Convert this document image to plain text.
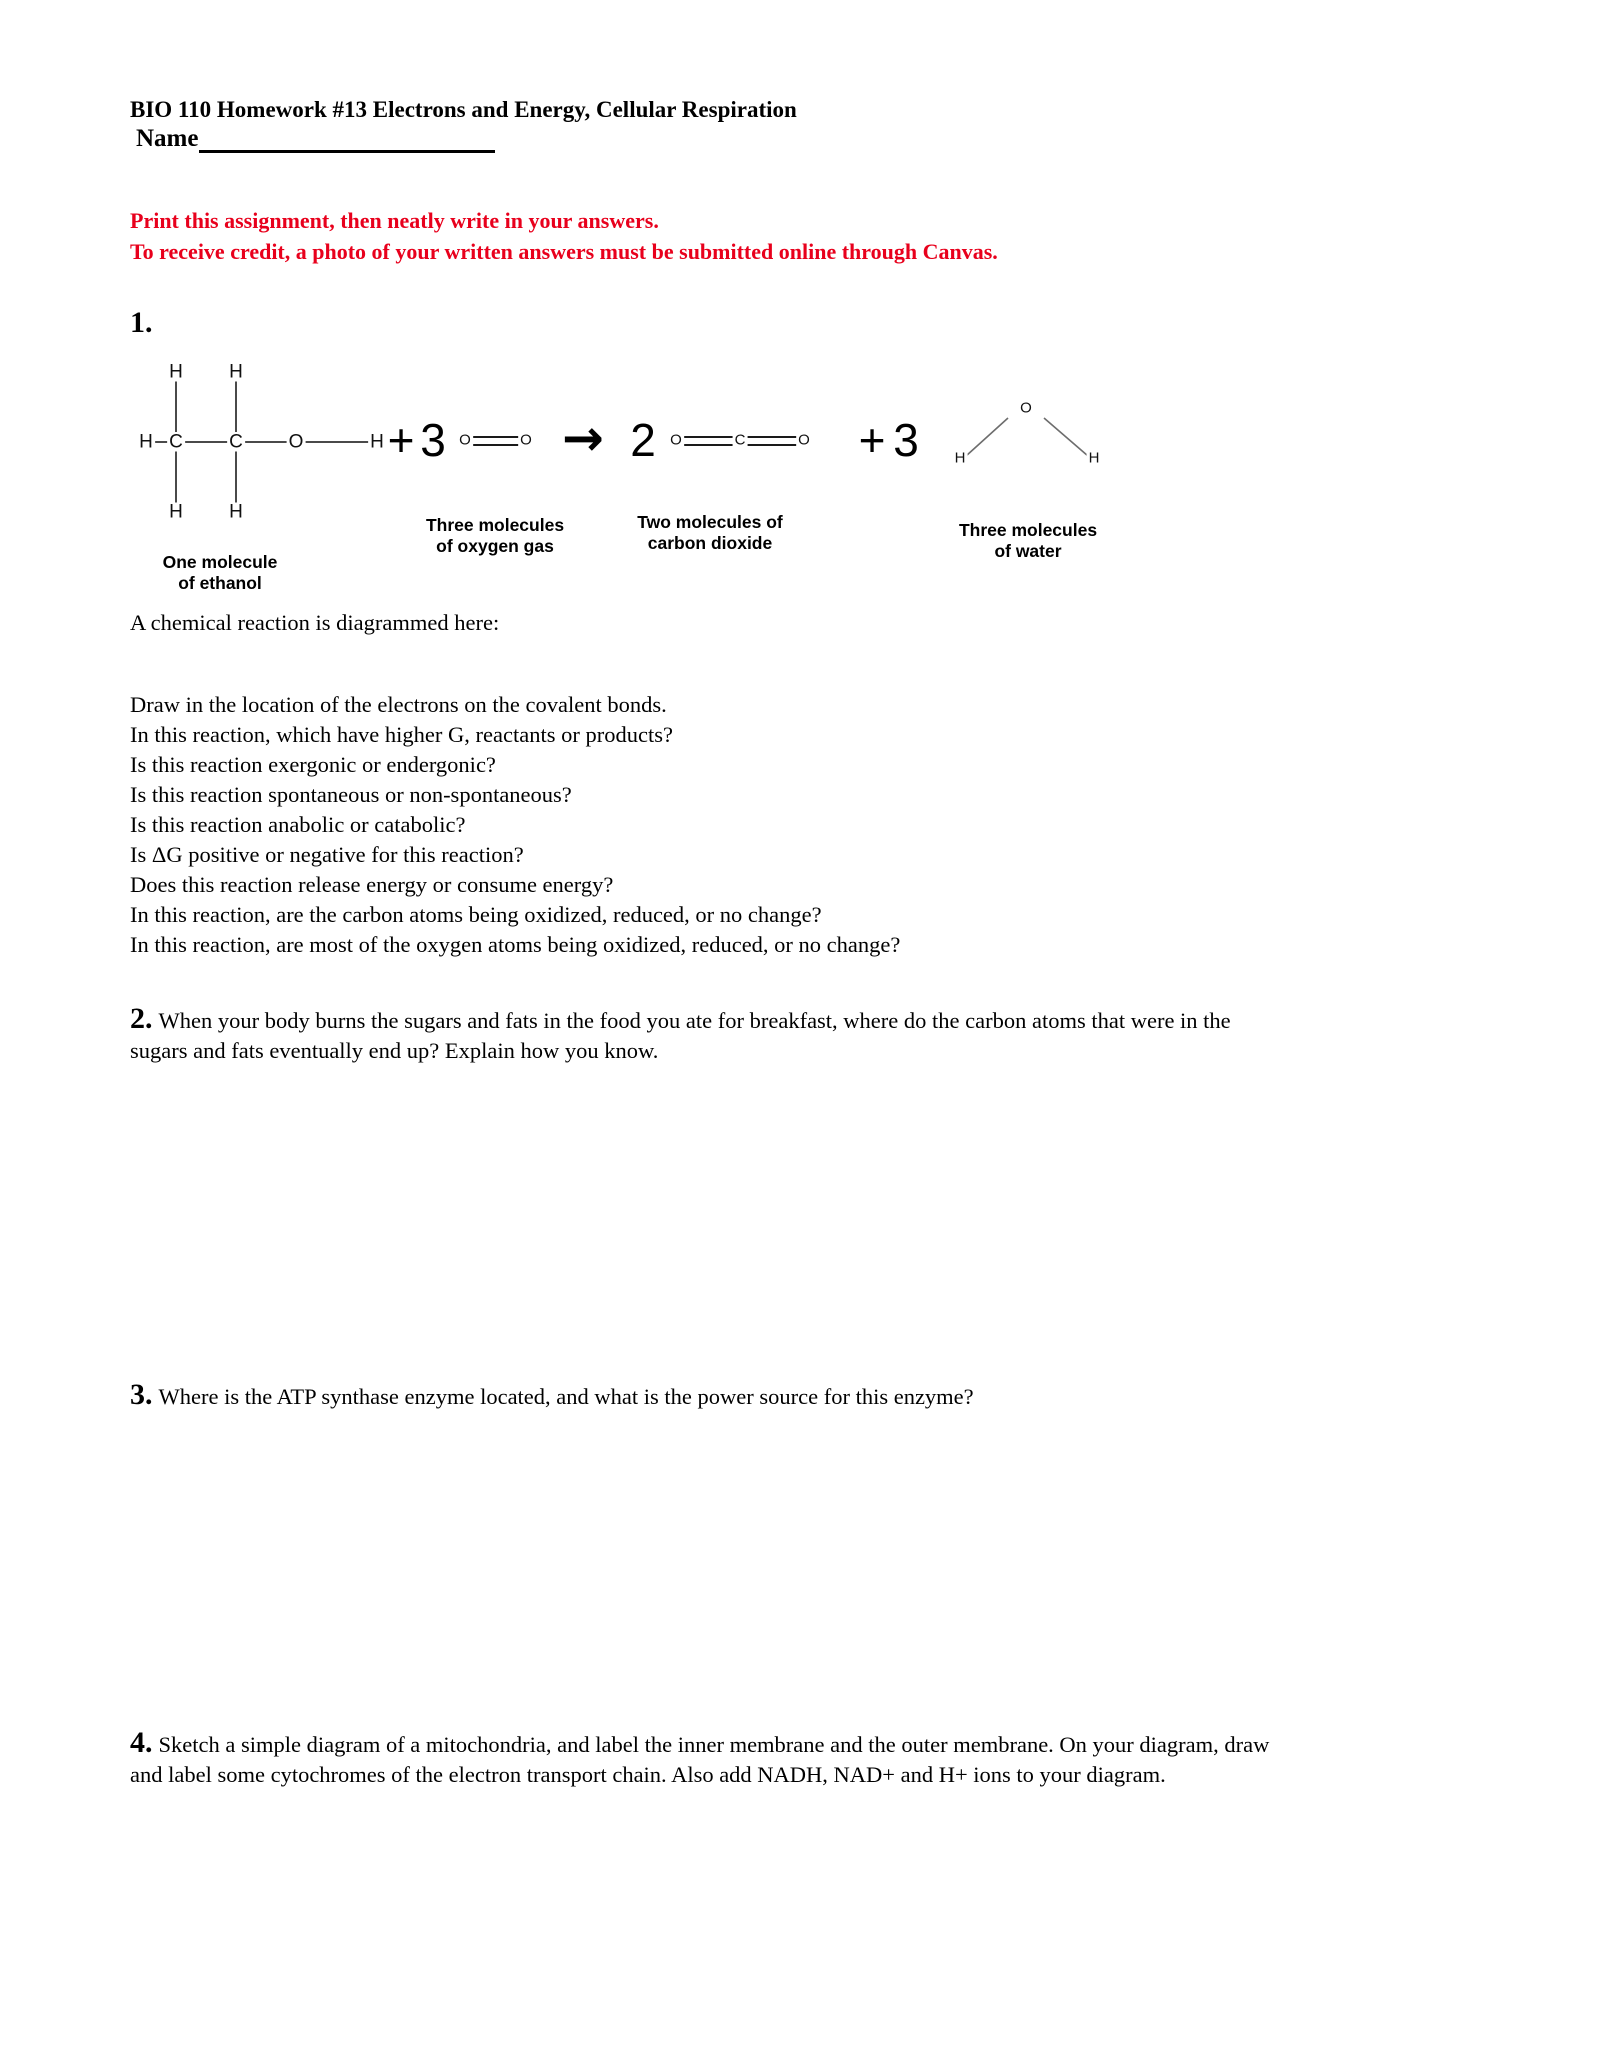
BIO 110 Homework #13 Electrons and Energy, Cellular Respiration
Name
Print this assignment, then neatly write in your answers.
To receive credit, a photo of your written answers must be submitted online through Canvas.
1.
H C C O	H
H
H
H
H
One molecule
of ethanol
+ 3 O	O
Three molecules
of oxygen gas
→ 2 O	C	O
Two molecules of
carbon dioxide
+ 3
O
H	H
Three molecules
of water
A chemical reaction is diagrammed here:
Draw in the location of the electrons on the covalent bonds.
In this reaction, which have higher G, reactants or products?
Is this reaction exergonic or endergonic?
Is this reaction spontaneous or non-spontaneous?
Is this reaction anabolic or catabolic?
Is ΔG positive or negative for this reaction?
Does this reaction release energy or consume energy?
In this reaction, are the carbon atoms being oxidized, reduced, or no change?
In this reaction, are most of the oxygen atoms being oxidized, reduced, or no change?
2. When your body burns the sugars and fats in the food you ate for breakfast, where do the carbon atoms that were in the sugars and fats eventually end up? Explain how you know.
3. Where is the ATP synthase enzyme located, and what is the power source for this enzyme?
4. Sketch a simple diagram of a mitochondria, and label the inner membrane and the outer membrane. On your diagram, draw and label some cytochromes of the electron transport chain. Also add NADH, NAD+ and H+ ions to your diagram.
